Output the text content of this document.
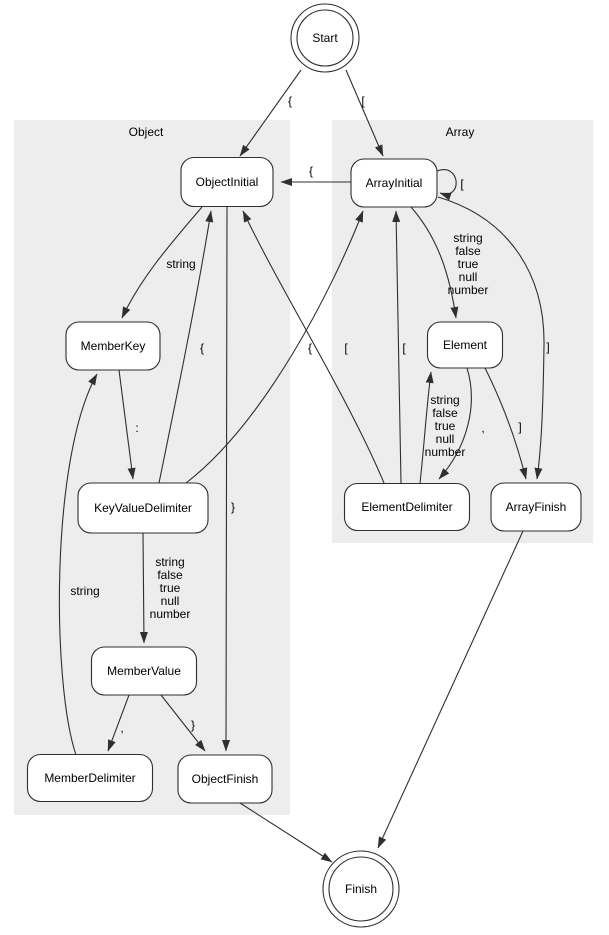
Object	Array
{	[
{
[
string
:
{	[
string false true null number
,	}
string
}
{	[
string false true null number
,
string false true null number
]
]
Start
ObjectInitial	ArrayInitial
MemberKey	Element
KeyValueDelimiter	ElementDelimiter	ArrayFinish
MemberValue
MemberDelimiter	ObjectFinish
Finish
